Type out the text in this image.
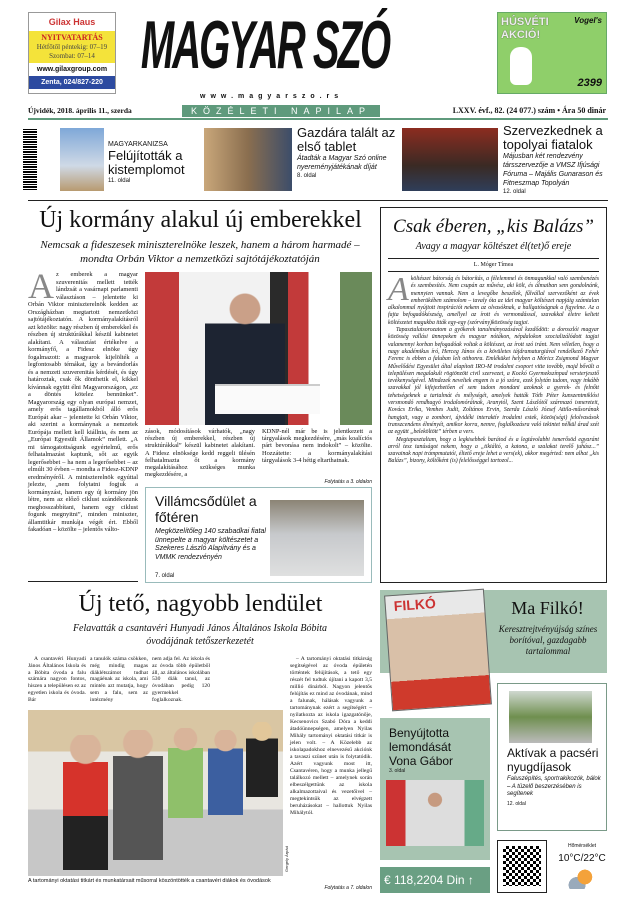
Gilax Haus
NYITVATARTÁS
Hétfőtől péntekig: 07–19
Szombat: 07–14
www.gilaxgroup.com
Zenta, 024/827-220 MAGYAR SZÓ
www.magyarszo.rs
HÚSVÉTI AKCIÓ!
Vogel's
2399
Újvidék, 2018. április 11., szerda	KÖZÉLETI NAPILAP	LXXV. évf., 82. (24 077.) szám • Ára 50 dinár
MAGYARKANIZSA
Felújították a kistemplomot
11. oldal
Gazdára talált az első tablet
Átadták a Magyar Szó online nyereményjátékának díját
8. oldal
Szervezkednek a topolyai fiatalok
Májusban két rendezvény társszervezője a VMSZ Ifjúsági Fóruma – Majális Gunarason és Fitneszmap Topolyán
12. oldal
Új kormány alakul új emberekkel
Nemcsak a fideszesek miniszterelnöke leszek, hanem a három harmadé – mondta Orbán Viktor a nemzetközi sajtótájékoztatóján
Az emberek a magyar szuverenitás mellett tették lándzsát a vasárnapi parlamenti választáson – jelentette ki Orbán Viktor miniszterelnök kedden az Országházban megtartott nemzetközi sajtótájékoztatón. A kormányalakításról azt közölte: nagy részben új emberekkel és részben új struktúrákkal készül kabinetet alakítani. A választást értékelve a kormányfő, a Fidesz elnöke úgy fogalmazott: a magyarok kijelölték a legfontosabb témákat, így a bevándorlás és a nemzeti szuverenitás kérdését, és úgy határoztak, csak ők dönthetik el, kikkel kívánnak együtt élni Magyarországon, „ez a döntés kötelez bennünket”. Magyarország egy olyan európai nemzet, amely erős tagállamokból álló erős Európát akar – jelentette ki Orbán Viktor, aki szerint a kormánynak a nemzetek Európája mellett kell kiállnia, és nem az „Európai Egyesült Államok” mellett. „A mi támogatottságunk egyértelmű, erős felhatalmazást kaptunk, sőt az egyik legerősebbet – ha nem a legerősebbet – az elmúlt 30 évben – mondta a Fidesz-KDNP eredményéről. A miniszterelnök egyúttal jelezte, „nem folytatni fogjuk a kormányzást, hanem egy új kormány jön létre, nem az előző ciklust szándékozunk meghosszabbítani, hanem egy ciklust fogunk megnyitni”, minden miniszter, államtitkár munkája végét ért. Ebből fakadóan – közölte – jelentős válto-
zások, módosítások várhatók, „nagy részben új emberekkel, részben új struktúrákkal” készül kabinetet alakítani. A Fidesz elnöksége kedd reggeli ülésén felhatalmazta őt a kormány megalakításához szükséges munka megkezdésére, a
KDNP-nél már be is jelentkezett a tárgyalások megkezdésére, „más koalíciós párt bevonása nem indokolt” – közölte. Hozzátette: a kormányalakítási tárgyalások 3-4 hétig eltarthatnak.
Folytatás a 3. oldalon
Villámcsődület a főtéren
Megközelítőleg 140 szabadkai fiatal ünnepelte a magyar költészetet a Szekeres László Alapítvány és a VMMK rendezvényén
7. oldal
Csak éberen, „kis Balázs”
Avagy a magyar költészet él(tet)ő ereje
L. Móger Tímea

Aköltészet bátorság és bátorítás, a félelemmel és önmagunkkal való szembenézés és szembesítés. Nem csupán az művész, aki költ, és álmaiban sem gondolnánk, mennyien vannak. Nem a levegőbe beszélek, fűlvállal szervezőként az évek emberükében számolom – tavaly óta az idei magyar költészet napjáig számtalan alkalommal nyújtott inspirációt nekem az olvasóknak, a hallgatóságnak a figyelme. Az a fajta befogadókészség, amellyel az írott és vermondással, szavakkal életre keltett költészetet magukba itták egy-egy (szórvány)közösség tagjai.

Tapasztalatsorozatom a gyökerek tanulmányozásával kezdődött: a doroszlói magyar közösség vallási ünnepeken és magyar nótákon, népdalokon szocializálódott tagjai valamennyi korban befogadóak voltak a költészet, az írott szó iránt. Nem véletlen, hogy a nagy akadémikus író, Herceg János és a kövületes tájdramaturgiával rendelkező Fehér Ferenc is ebben a faluban lelt otthonra. Emléküket helyben a Móricz Zsigmond Magyar Művelődési Egyesület által alapított IRO-M irodalmi csoport vitte tovább, majd bővült a településen megalakult rögtönzött civil szervezet, a Kockó Gyermekszínpad versterjesztő tevékenységével. Mindezek neveltek engem is a jó szóra, ezek folytán tudom, vagy inkább szavakkal jól kifejezhetően el sem tudom mondani azoknak a gyerek- és felnőtt tehetségeknek a tartalmát és mélységét, amelyek hatták Tóth Péter kunszentmiklósi versmondó rendhagyó irodalomóráinak, Aranytól, Szent Lászlótól származó ismereteit, Kovács Erika, Vemhes Judit, Zoltános Ervin, Szerda László József Attila-műsorának hangjait, vagy a zombori, újvidéki interaktív irodalmi estek, közös(ségi) felolvasások transzcendens élményét, amikor korra, nemre, foglalkozásra való tekintet nélkül árad szét az együtt „beleköltött” térben a vers.

Megtapasztaltam, hogy a legkisebbek barátod és a legtávolabbi ismerősöd egyaránt arról tesz tanúságot nekem, hogy a „tikiáltó, a katona, a szalakat terelő juhász...” szavainak napi trámpmutatói, éltető ereje lehet a vers(ek), akkor megérted: nem alhat „kis Balázs”, bizony, költőként (is) felelősséggel tartozol...

Új tető, nagyobb lendület
Felavatták a csantavéri Hunyadi János Általános Iskola Bóbita óvodájának tetőszerkezetét
A csantavéri Hunyadi János Általános Iskola és a Bóbita óvoda a falu számára nagyon fontos, hiszen a településen ez az egyetlen iskola és óvoda. Bár
a tanulók száma csökken, még mindig magas diáklétszámot tudhat magáénak az iskola, ami mintén azt mutatja, hogy sem a falu, sem az intézmény
nem adja fel. Az iskola és az óvoda több épületből áll, az általános iskolában 530 diák tanul, az óvodában pedig 120 gyermekkel foglalkoznak.
– A tartományi oktatási titkárság segítségével az óvoda épületén történtek felújítások, a tető egy részét fel tudtuk újítani a kapott 3,5 millió dinárból. Nagyon jelentős felújítás ez mind az óvodának, mind a falunak, hálásak vagyunk a tartománynak ezért a segítségért – nyilatkozta az iskola igazgatónője, Kecsenovics Szabó Dóra a keddi átadóünnepségen, amelyen Nyilas Mihály tartományi oktatási titkár is jelen volt. – A Közelebb az iskolapadokhoz elnevezésű akciónk a tavaszi szünet után is folytatódik. Azért vagyunk most itt, Csantavéren, hogy a munka jellegű találkozó mellett – amelynek során elbeszélgettünk az iskola alkalmazottaival és vezetőivel – megtekintsük az elvégzett beruházásokat – hallottuk Nyilas Mihálytól.
Folytatás a 7. oldalon
Gergely Árpád
A tartományi oktatási titkárt és munkatársait műsorral köszöntötték a csantavéri diákok és óvodások
FILKÓ	Ma Filkó!
Keresztrejtvényújság színes borítóval, gazdagabb tartalommal
Benyújtotta lemondását Vona Gábor
3. oldal
Aktívak a pacséri nyugdíjasok
Faluszépítés, sportrakikozók, bálok – A tüzelő beszerzésében is segítenek
12. oldal
€ 118,2204 Din ↑
Hőmérséklet
10°C/22°C
